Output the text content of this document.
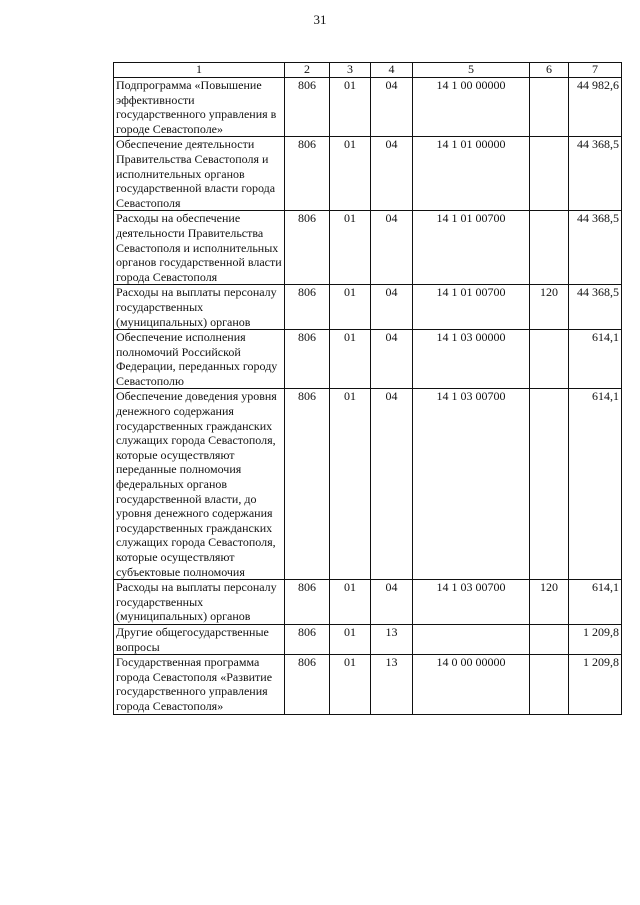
31
1	2	3	4	5	6	7
Подпрограмма «Повышение эффективности государственного управления в городе Севастополе»	806	01	04	14 1 00 00000		44 982,6
Обеспечение деятельности Правительства Севастополя и исполнительных органов государственной власти города Севастополя	806	01	04	14 1 01 00000		44 368,5
Расходы на обеспечение деятельности Правительства Севастополя и исполнительных органов государственной власти города Севастополя	806	01	04	14 1 01 00700		44 368,5
Расходы на выплаты персоналу государственных (муниципальных) органов	806	01	04	14 1 01 00700	120	44 368,5
Обеспечение исполнения полномочий Российской Федерации, переданных городу Севастополю	806	01	04	14 1 03 00000		614,1
Обеспечение доведения уровня денежного содержания государственных гражданских служащих города Севастополя, которые осуществляют переданные полномочия федеральных органов государственной власти, до уровня денежного содержания государственных гражданских служащих города Севастополя, которые осуществляют субъектовые полномочия	806	01	04	14 1 03 00700		614,1
Расходы на выплаты персоналу государственных (муниципальных) органов	806	01	04	14 1 03 00700	120	614,1
Другие общегосударственные вопросы	806	01	13			1 209,8
Государственная программа города Севастополя «Развитие государственного управления города Севастополя»	806	01	13	14 0 00 00000		1 209,8
